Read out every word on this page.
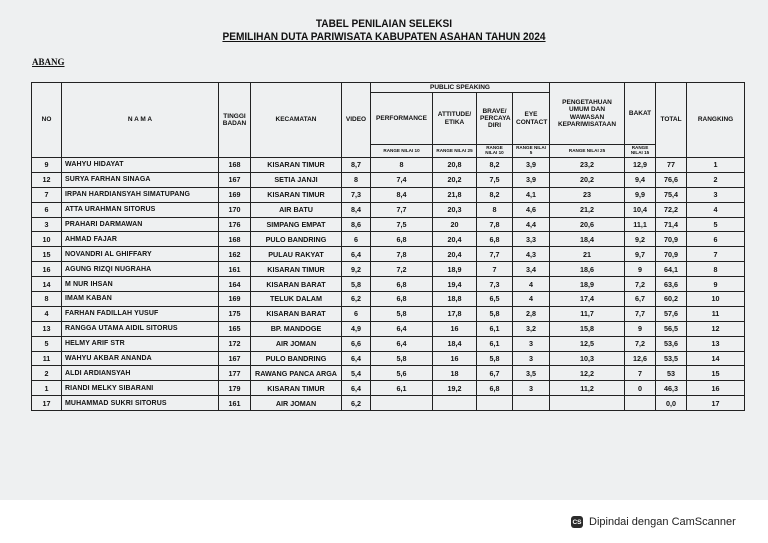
TABEL PENILAIAN SELEKSI
PEMILIHAN DUTA PARIWISATA KABUPATEN ASAHAN TAHUN 2024
ABANG
NO	N A M A	TINGGI BADAN	KECAMATAN	VIDEO	PUBLIC SPEAKING				PENGETAHUAN UMUM DAN WAWASAN KEPARIWISATAAN	BAKAT	TOTAL	RANGKING
					PERFORMANCE	ATTITUDE/ ETIKA	BRAVE/ PERCAYA DIRI	EYE CONTACT				
					RANGE NILAI 10	RANGE NILAI 25	RANGE NILAI 10	RANGE NILAI 5	RANGE NILAI 25	RANGE NILAI 15		
9	WAHYU HIDAYAT	168	KISARAN TIMUR	8,7	8	20,8	8,2	3,9	23,2	12,9	77	1
12	SURYA FARHAN SINAGA	167	SETIA JANJI	8	7,4	20,2	7,5	3,9	20,2	9,4	76,6	2
7	IRPAN HARDIANSYAH SIMATUPANG	169	KISARAN TIMUR	7,3	8,4	21,8	8,2	4,1	23	9,9	75,4	3
6	ATTA URAHMAN SITORUS	170	AIR BATU	8,4	7,7	20,3	8	4,6	21,2	10,4	72,2	4
3	PRAHARI DARMAWAN	176	SIMPANG EMPAT	8,6	7,5	20	7,8	4,4	20,6	11,1	71,4	5
10	AHMAD FAJAR	168	PULO BANDRING	6	6,8	20,4	6,8	3,3	18,4	9,2	70,9	6
15	NOVANDRI AL GHIFFARY	162	PULAU RAKYAT	6,4	7,8	20,4	7,7	4,3	21	9,7	70,9	7
16	AGUNG RIZQI NUGRAHA	161	KISARAN TIMUR	9,2	7,2	18,9	7	3,4	18,6	9	64,1	8
14	M NUR IHSAN	164	KISARAN BARAT	5,8	6,8	19,4	7,3	4	18,9	7,2	63,6	9
8	IMAM KABAN	169	TELUK DALAM	6,2	6,8	18,8	6,5	4	17,4	6,7	60,2	10
4	FARHAN FADILLAH YUSUF	175	KISARAN BARAT	6	5,8	17,8	5,8	2,8	11,7	7,7	57,6	11
13	RANGGA UTAMA AIDIL SITORUS	165	BP. MANDOGE	4,9	6,4	16	6,1	3,2	15,8	9	56,5	12
5	HELMY ARIF STR	172	AIR JOMAN	6,6	6,4	18,4	6,1	3	12,5	7,2	53,6	13
11	WAHYU AKBAR ANANDA	167	PULO BANDRING	6,4	5,8	16	5,8	3	10,3	12,6	53,5	14
2	ALDI ARDIANSYAH	177	RAWANG PANCA ARGA	5,4	5,6	18	6,7	3,5	12,2	7	53	15
1	RIANDI MELKY SIBARANI	179	KISARAN TIMUR	6,4	6,1	19,2	6,8	3	11,2	0	46,3	16
17	MUHAMMAD SUKRI SITORUS	161	AIR JOMAN	6,2							0,0	17
CS Dipindai dengan CamScanner
